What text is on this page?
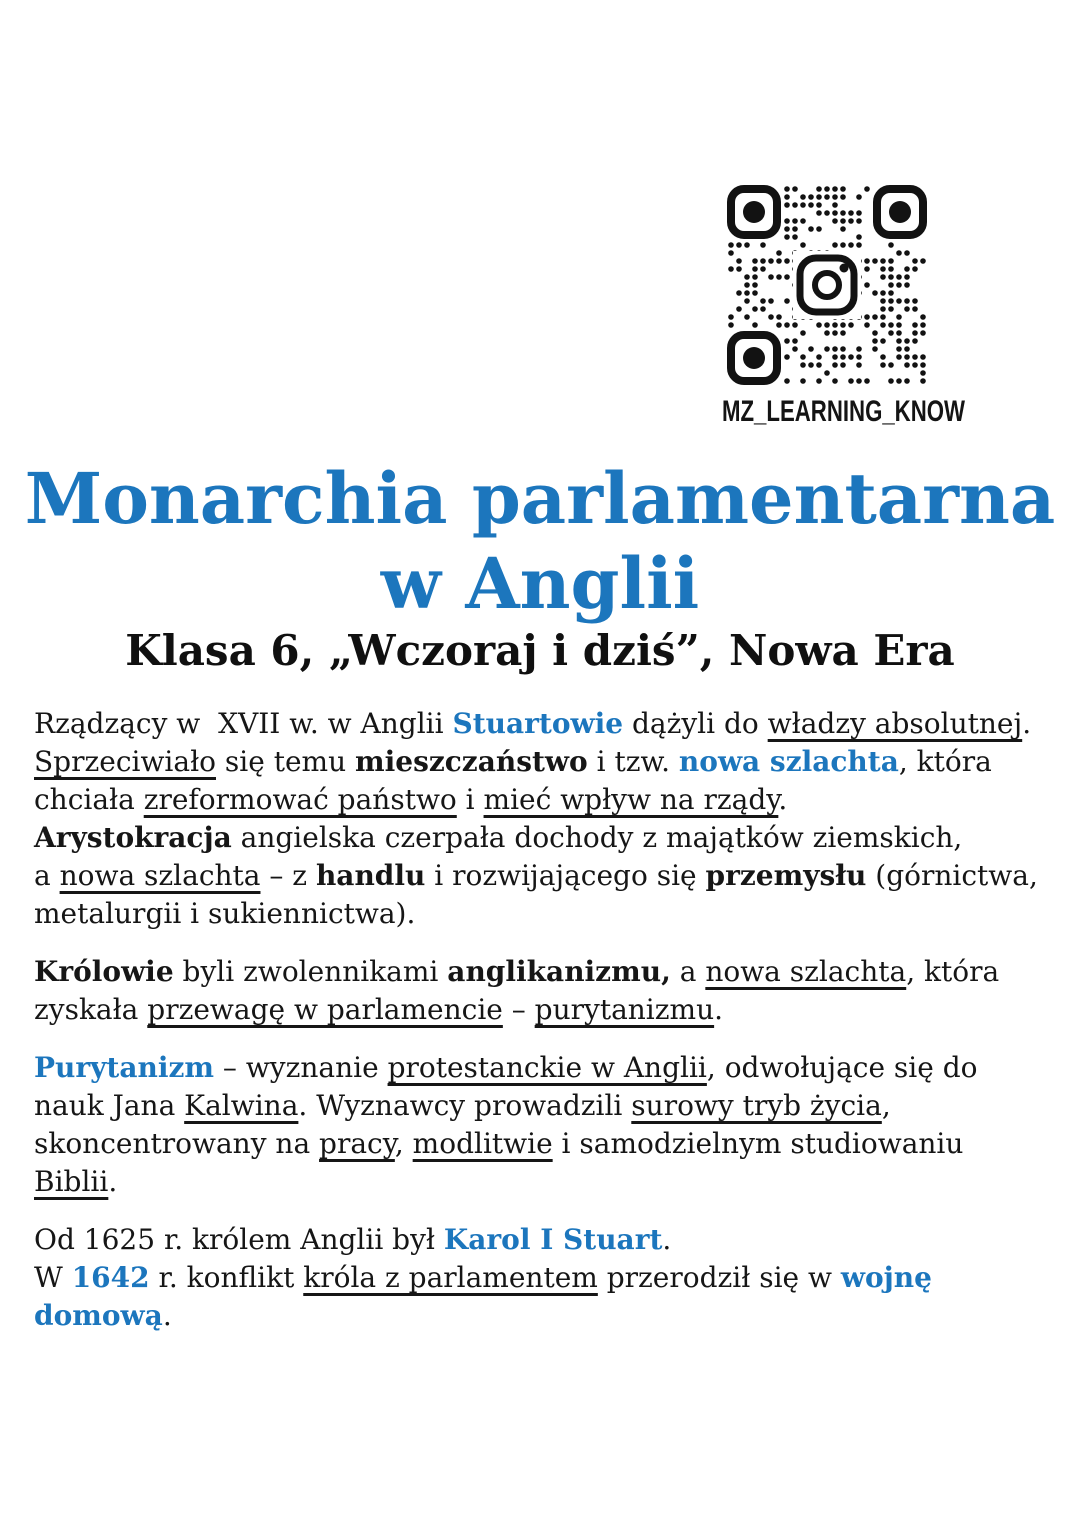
MZ_LEARNING_KNOW
Monarchia parlamentarna
w Anglii
Klasa 6, „Wczoraj i dziś”, Nowa Era

Rządzący w  XVII w. w Anglii Stuartowie dążyli do władzy absolutnej.
Sprzeciwiało się temu mieszczaństwo i tzw. nowa szlachta, która
chciała zreformować państwo i mieć wpływ na rządy.
Arystokracja angielska czerpała dochody z majątków ziemskich,
a nowa szlachta – z handlu i rozwijającego się przemysłu (górnictwa,
metalurgii i sukiennictwa).

Królowie byli zwolennikami anglikanizmu, a nowa szlachta, która
zyskała przewagę w parlamencie – purytanizmu.

Purytanizm – wyznanie protestanckie w Anglii, odwołujące się do
nauk Jana Kalwina. Wyznawcy prowadzili surowy tryb życia,
skoncentrowany na pracy, modlitwie i samodzielnym studiowaniu
Biblii.

Od 1625 r. królem Anglii był Karol I Stuart.
W 1642 r. konflikt króla z parlamentem przerodził się w wojnę
domową.
